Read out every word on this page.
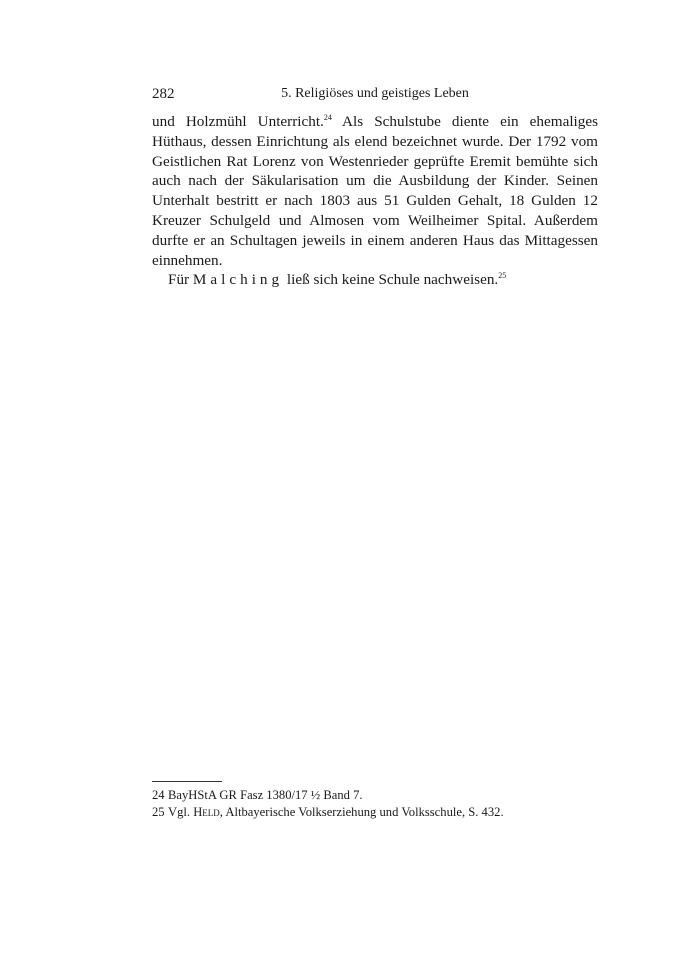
282	5. Religiöses und geistiges Leben

und Holzmühl Unterricht.$^{24}$ Als Schulstube diente ein ehemaliges Hüthaus, dessen Einrichtung als elend bezeichnet wurde. Der 1792 vom Geistlichen Rat Lorenz von Westenrieder geprüfte Eremit bemühte sich auch nach der Säkularisation um die Ausbildung der Kinder. Seinen Unterhalt bestritt er nach 1803 aus 51 Gulden Gehalt, 18 Gulden 12 Kreuzer Schulgeld und Almosen vom Weilheimer Spital. Außerdem durfte er an Schultagen jeweils in einem anderen Haus das Mittagessen einnehmen.

Für Malching ließ sich keine Schule nachweisen.$^{25}$

24 BayHStA GR Fasz 1380/17 ½ Band 7.
25 Vgl. Held, Altbayerische Volkserziehung und Volksschule, S. 432.
